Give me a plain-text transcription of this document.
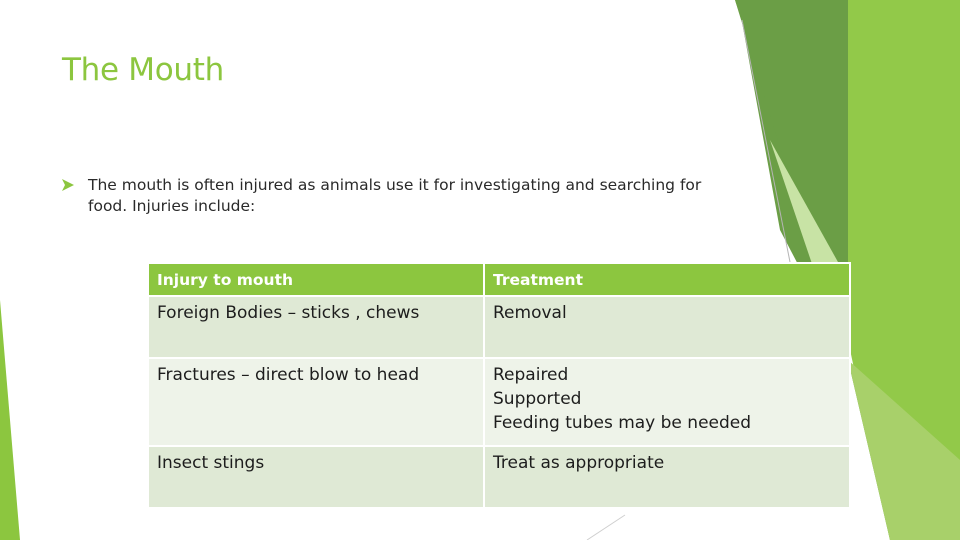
The Mouth
The mouth is often injured as animals use it for investigating and searching for food. Injuries include:
Injury to mouth	Treatment
Foreign Bodies – sticks , chews	Removal

Fractures – direct blow to head	Repaired
Supported
Feeding tubes may be needed

Insect stings	Treat as appropriate
